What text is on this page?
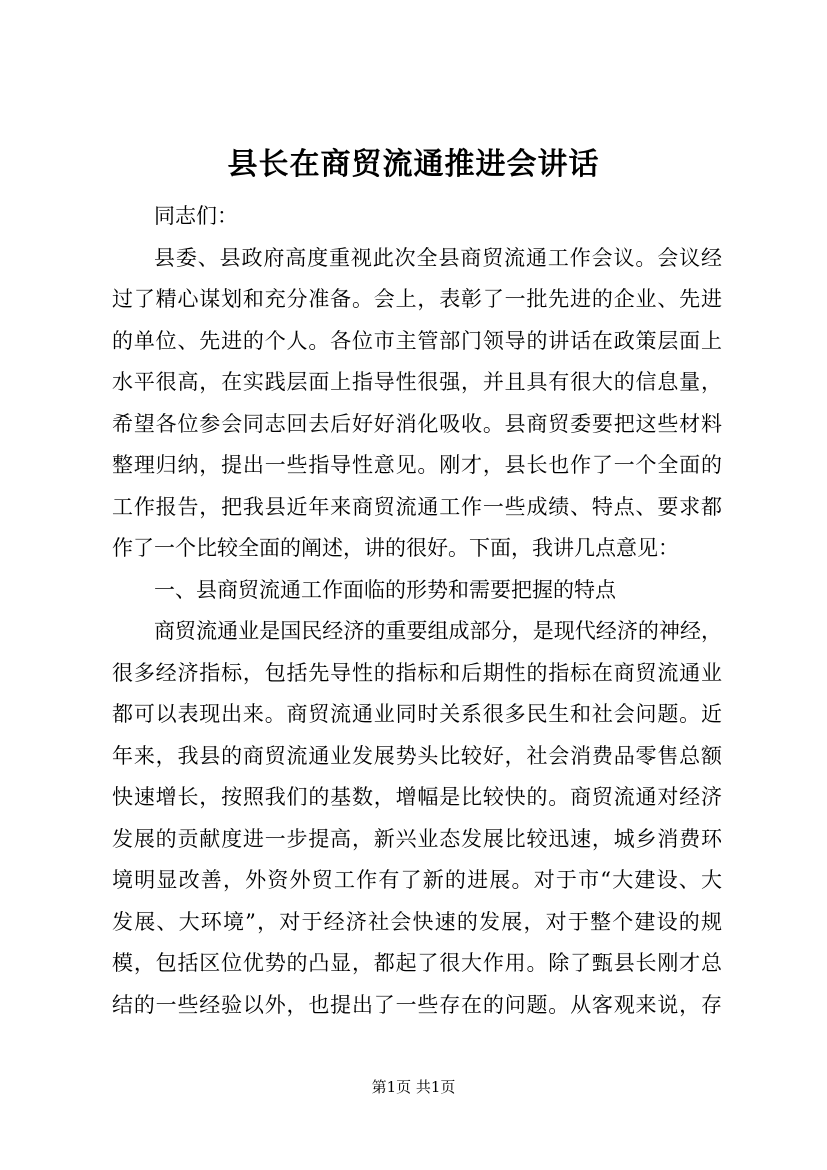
县长在商贸流通推进会讲话
同志们：
县委、县政府高度重视此次全县商贸流通工作会议。会议经
过了精心谋划和充分准备。会上，表彰了一批先进的企业、先进
的单位、先进的个人。各位市主管部门领导的讲话在政策层面上
水平很高，在实践层面上指导性很强，并且具有很大的信息量，
希望各位参会同志回去后好好消化吸收。县商贸委要把这些材料
整理归纳，提出一些指导性意见。刚才，县长也作了一个全面的
工作报告，把我县近年来商贸流通工作一些成绩、特点、要求都
作了一个比较全面的阐述，讲的很好。下面，我讲几点意见：
一、县商贸流通工作面临的形势和需要把握的特点
商贸流通业是国民经济的重要组成部分，是现代经济的神经，
很多经济指标，包括先导性的指标和后期性的指标在商贸流通业
都可以表现出来。商贸流通业同时关系很多民生和社会问题。近
年来，我县的商贸流通业发展势头比较好，社会消费品零售总额
快速增长，按照我们的基数，增幅是比较快的。商贸流通对经济
发展的贡献度进一步提高，新兴业态发展比较迅速，城乡消费环
境明显改善，外资外贸工作有了新的进展。对于市“大建设、大
发展、大环境”，对于经济社会快速的发展，对于整个建设的规
模，包括区位优势的凸显，都起了很大作用。除了甄县长刚才总
结的一些经验以外，也提出了一些存在的问题。从客观来说，存
第1页 共1页
